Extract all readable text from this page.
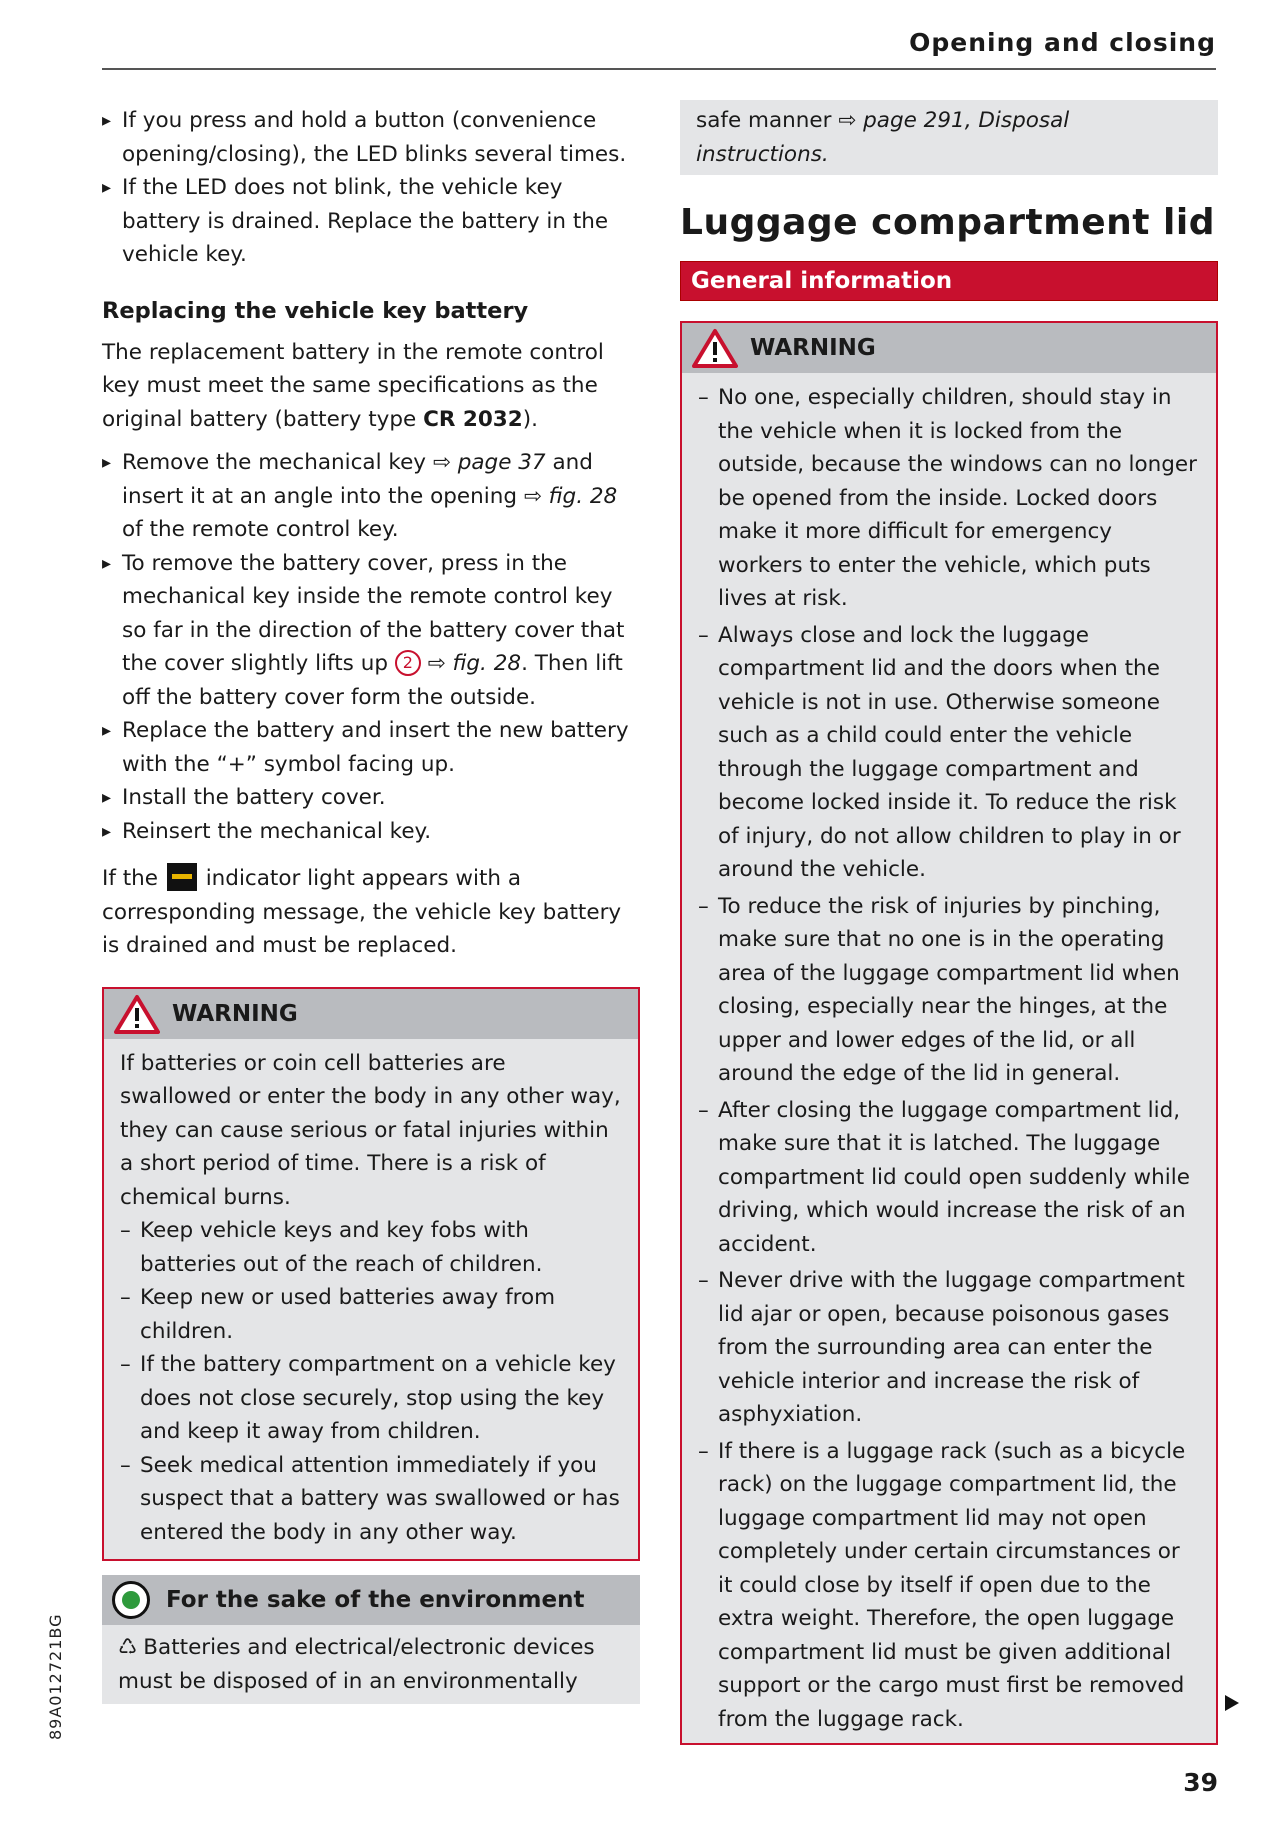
Opening and closing
▸ If you press and hold a button (convenience opening/closing), the LED blinks several times.
▸ If the LED does not blink, the vehicle key battery is drained. Replace the battery in the vehicle key.
Replacing the vehicle key battery

The replacement battery in the remote control key must meet the same specifications as the original battery (battery type CR 2032).

▸ Remove the mechanical key ⇨ page 37 and insert it at an angle into the opening ⇨ fig. 28 of the remote control key.
▸ To remove the battery cover, press in the mechanical key inside the remote control key so far in the direction of the battery cover that the cover slightly lifts up 2 ⇨ fig. 28. Then lift off the battery cover form the outside.
▸ Replace the battery and insert the new battery with the “+” symbol facing up.
▸ Install the battery cover.
▸ Reinsert the mechanical key.

If the  indicator light appears with a corresponding message, the vehicle key battery is drained and must be replaced.

WARNING
If batteries or coin cell batteries are swallowed or enter the body in any other way, they can cause serious or fatal injuries within a short period of time. There is a risk of chemical burns.
– Keep vehicle keys and key fobs with batteries out of the reach of children.
– Keep new or used batteries away from children.
– If the battery compartment on a vehicle key does not close securely, stop using the key and keep it away from children.
– Seek medical attention immediately if you suspect that a battery was swallowed or has entered the body in any other way.
For the sake of the environment
♺ Batteries and electrical/electronic devices must be disposed of in an environmentally
safe manner ⇨ page 291, Disposal instructions.
Luggage compartment lid
General information
WARNING
– No one, especially children, should stay in the vehicle when it is locked from the outside, because the windows can no longer be opened from the inside. Locked doors make it more difficult for emergency workers to enter the vehicle, which puts lives at risk.
– Always close and lock the luggage compartment lid and the doors when the vehicle is not in use. Otherwise someone such as a child could enter the vehicle through the luggage compartment and become locked inside it. To reduce the risk of injury, do not allow children to play in or around the vehicle.
– To reduce the risk of injuries by pinching, make sure that no one is in the operating area of the luggage compartment lid when closing, especially near the hinges, at the upper and lower edges of the lid, or all around the edge of the lid in general.
– After closing the luggage compartment lid, make sure that it is latched. The luggage compartment lid could open suddenly while driving, which would increase the risk of an accident.
– Never drive with the luggage compartment lid ajar or open, because poisonous gases from the surrounding area can enter the vehicle interior and increase the risk of asphyxiation.
– If there is a luggage rack (such as a bicycle rack) on the luggage compartment lid, the luggage compartment lid may not open completely under certain circumstances or it could close by itself if open due to the extra weight. Therefore, the open luggage compartment lid must be given additional support or the cargo must first be removed from the luggage rack.
39
89A012721BG
